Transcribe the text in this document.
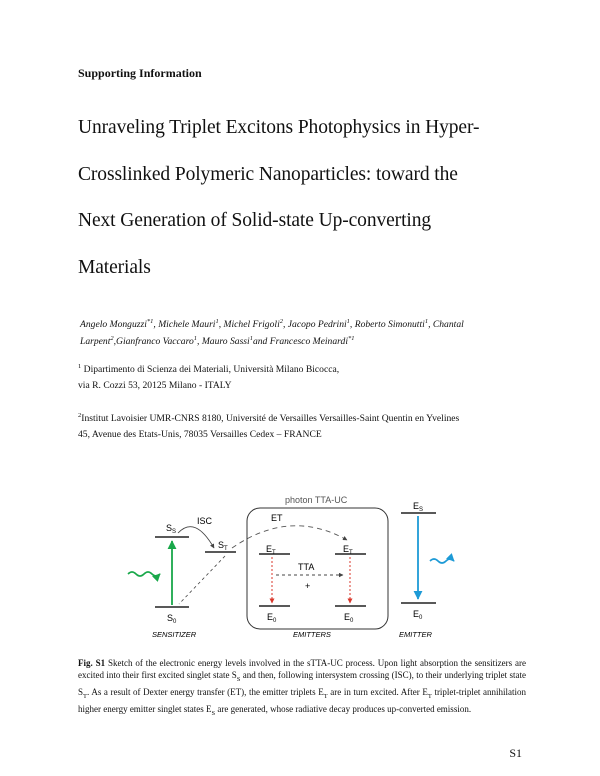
Supporting Information
Unraveling Triplet Excitons Photophysics in Hyper-
Crosslinked Polymeric Nanoparticles: toward the
Next Generation of Solid-state Up-converting
Materials
Angelo Monguzzi$^{*1}$, Michele Mauri$^1$, Michel Frigoli$^2$, Jacopo Pedrini$^1$, Roberto Simonutti$^1$, Chantal
Larpent$^2$,Gianfranco Vaccaro$^1$, Mauro Sassi$^1$and Francesco Meinardi$^{*1}$
$^1$ Dipartimento di Scienza dei Materiali, Università Milano Bicocca,
via R. Cozzi 53, 20125 Milano - ITALY
$^2$Institut Lavoisier UMR-CNRS 8180, Université de Versailles Versailles-Saint Quentin en Yvelines
45, Avenue des Etats-Unis, 78035 Versailles Cedex – FRANCE
photon TTA-UC
$S_S$
$S_T$
$S_0$
ISC	ET
$E_T$	$E_T$
TTA
+
$E_0$	$E_0$
$E_S$
$E_0$
SENSITIZER	EMITTERS	EMITTER
Fig. S1 Sketch of the electronic energy levels involved in the sTTA-UC process. Upon light absorption the sensitizers are excited into their first excited singlet state $S_S$ and then, following intersystem crossing (ISC), to their underlying triplet state $S_T$. As a result of Dexter energy transfer (ET), the emitter triplets $E_T$ are in turn excited. After $E_T$ triplet-triplet annihilation higher energy emitter singlet states $E_S$ are generated, whose radiative decay produces up-converted emission.
S1
